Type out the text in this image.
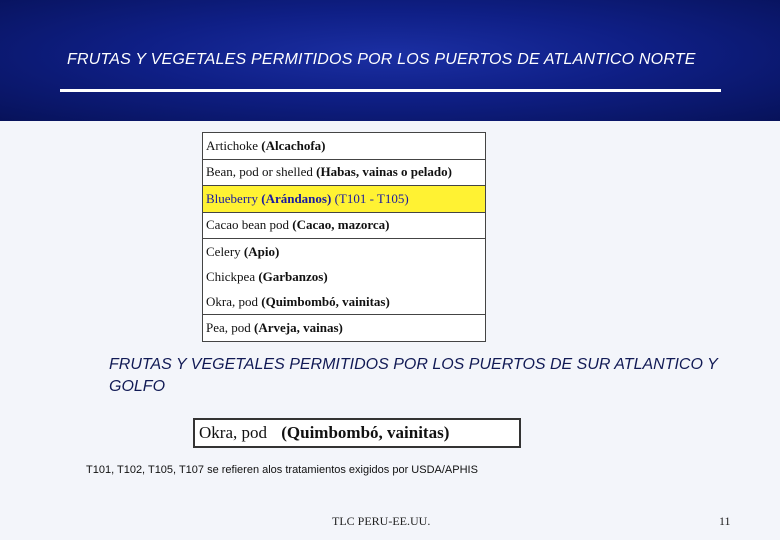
FRUTAS Y VEGETALES PERMITIDOS POR LOS PUERTOS DE ATLANTICO NORTE
Artichoke (Alcachofa)
Bean, pod or shelled (Habas, vainas o pelado)
Blueberry (Arándanos) (T101 - T105)
Cacao bean pod (Cacao, mazorca)
Celery (Apio)
Chickpea (Garbanzos)
Okra, pod (Quimbombó, vainitas)
Pea, pod (Arveja, vainas)
FRUTAS Y VEGETALES PERMITIDOS POR LOS PUERTOS DE SUR ATLANTICO Y GOLFO
Okra, pod (Quimbombó, vainitas)
T101, T102, T105, T107 se refieren alos tratamientos exigidos por USDA/APHIS
TLC PERU-EE.UU.	11
